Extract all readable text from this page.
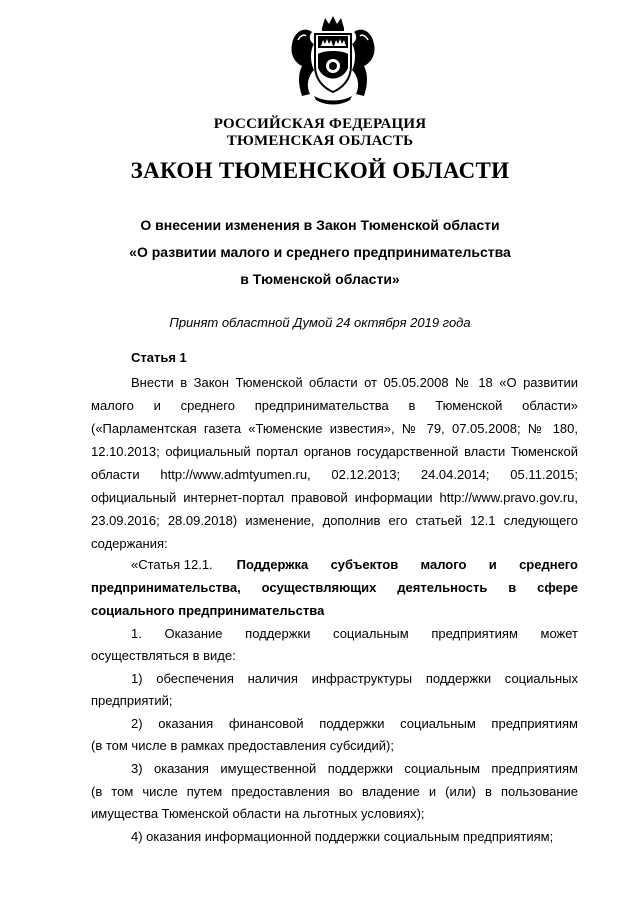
РОССИЙСКАЯ ФЕДЕРАЦИЯ
ТЮМЕНСКАЯ ОБЛАСТЬ
ЗАКОН ТЮМЕНСКОЙ ОБЛАСТИ
О внесении изменения в Закон Тюменской области
«О развитии малого и среднего предпринимательства
в Тюменской области»
Принят областной Думой 24 октября 2019 года
Статья 1
Внести в Закон Тюменской области от 05.05.2008 № 18 «О развитии
малого и среднего предпринимательства в Тюменской области»
(«Парламентская газета «Тюменские известия», № 79, 07.05.2008; № 180,
12.10.2013; официальный портал органов государственной власти Тюменской
области http://www.admtyumen.ru, 02.12.2013; 24.04.2014; 05.11.2015;
официальный интернет-портал правовой информации http://www.pravo.gov.ru,
23.09.2016; 28.09.2018) изменение, дополнив его статьей 12.1 следующего
содержания:
«Статья 12.1. Поддержка субъектов малого и среднего
предпринимательства, осуществляющих деятельность в сфере
социального предпринимательства
1. Оказание поддержки социальным предприятиям может
осуществляться в виде:
1) обеспечения наличия инфраструктуры поддержки социальных
предприятий;
2) оказания финансовой поддержки социальным предприятиям
(в том числе в рамках предоставления субсидий);
3) оказания имущественной поддержки социальным предприятиям
(в том числе путем предоставления во владение и (или) в пользование
имущества Тюменской области на льготных условиях);
4) оказания информационной поддержки социальным предприятиям;
